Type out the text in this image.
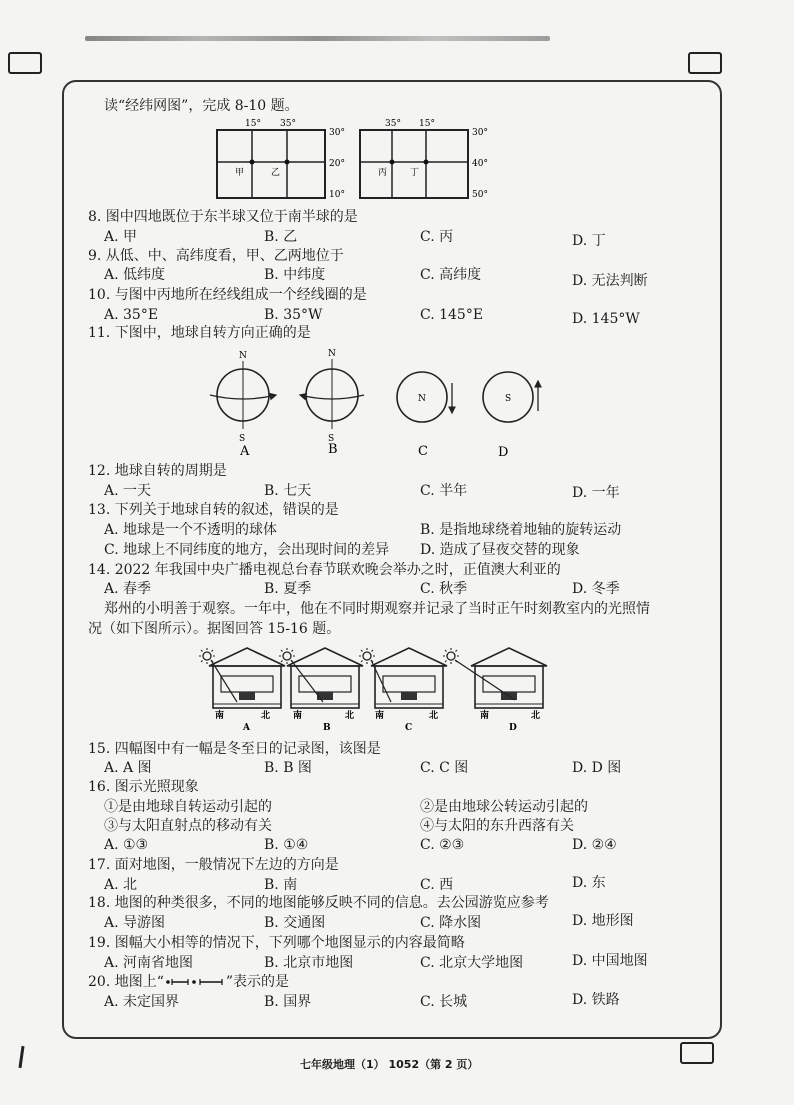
读“经纬网图”，完成 8-10 题。
15° 35°
30°
20°
10°
甲	乙
35° 15°
30°
40°
50°
丙	丁
8. 图中四地既位于东半球又位于南半球的是
A. 甲	B. 乙	C. 丙	D. 丁
9. 从低、中、高纬度看，甲、乙两地位于
A. 低纬度	B. 中纬度	C. 高纬度	D. 无法判断
10. 与图中丙地所在经线组成一个经线圈的是
A. 35°E	B. 35°W	C. 145°E	D. 145°W
11. 下图中，地球自转方向正确的是
N
S
N
S
N	S
A	B	C	D
12. 地球自转的周期是
A. 一天	B. 七天	C. 半年	D. 一年
13. 下列关于地球自转的叙述，错误的是
A. 地球是一个不透明的球体	B. 是指地球绕着地轴的旋转运动
C. 地球上不同纬度的地方，会出现时间的差异 D. 造成了昼夜交替的现象
14. 2022 年我国中央广播电视总台春节联欢晚会举办之时，正值澳大利亚的
A. 春季	B. 夏季	C. 秋季	D. 冬季
郑州的小明善于观察。一年中，他在不同时期观察并记录了当时正午时刻教室内的光照情
况（如下图所示）。据图回答 15-16 题。
南	北
A
南	北
B
南	北
C
南	北
D
15. 四幅图中有一幅是冬至日的记录图，该图是
A. A 图	B. B 图	C. C 图	D. D 图
16. 图示光照现象
①是由地球自转运动引起的	②是由地球公转运动引起的
③与太阳直射点的移动有关	④与太阳的东升西落有关
A. ①③	B. ①④	C. ②③	D. ②④
17. 面对地图，一般情况下左边的方向是
A. 北	B. 南	C. 西	D. 东
18. 地图的种类很多，不同的地图能够反映不同的信息。去公园游览应参考
A. 导游图	B. 交通图	C. 降水图	D. 地形图
19. 图幅大小相等的情况下，下列哪个地图显示的内容最简略
A. 河南省地图	B. 北京市地图	C. 北京大学地图	D. 中国地图
20. 地图上“	”表示的是
A. 未定国界	B. 国界	C. 长城	D. 铁路
七年级地理（1） 1052（第 2 页）
